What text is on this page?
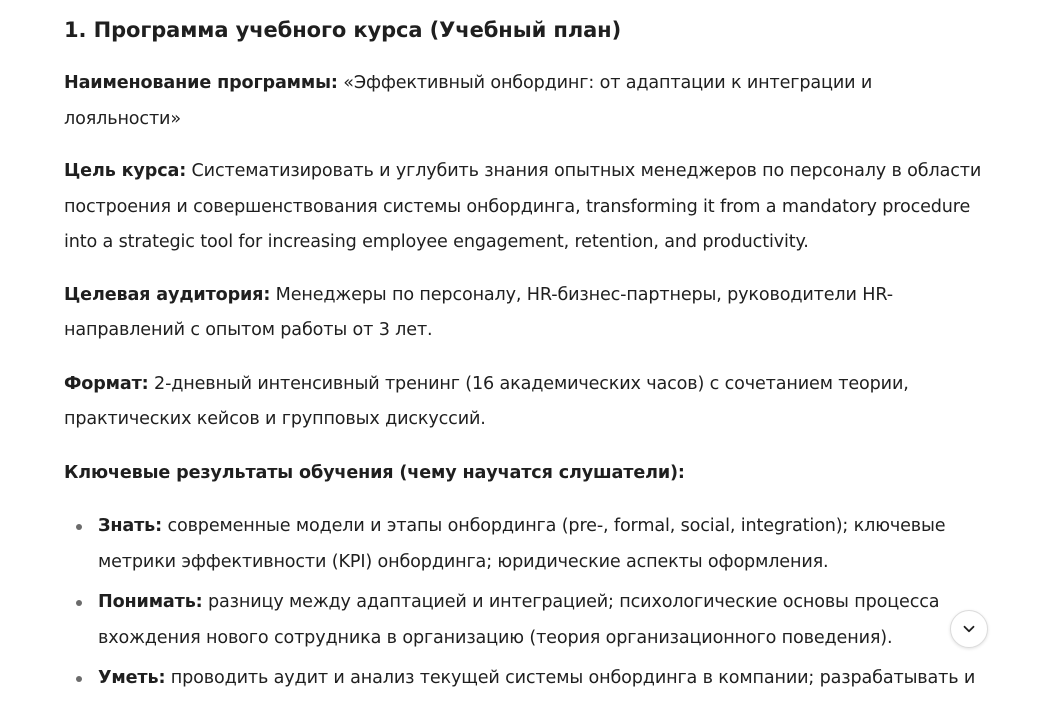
1. Программа учебного курса (Учебный план)

Наименование программы: «Эффективный онбординг: от адаптации к интеграции и лояльности»

Цель курса: Систематизировать и углубить знания опытных менеджеров по персоналу в области построения и совершенствования системы онбординга, transforming it from a mandatory procedure into a strategic tool for increasing employee engagement, retention, and productivity.

Целевая аудитория: Менеджеры по персоналу, HR-бизнес-партнеры, руководители HR-направлений с опытом работы от 3 лет.

Формат: 2-дневный интенсивный тренинг (16 академических часов) с сочетанием теории, практических кейсов и групповых дискуссий.

Ключевые результаты обучения (чему научатся слушатели):

Знать: современные модели и этапы онбординга (pre-, formal, social, integration); ключевые метрики эффективности (KPI) онбординга; юридические аспекты оформления.
Понимать: разницу между адаптацией и интеграцией; психологические основы процесса вхождения нового сотрудника в организацию (теория организационного поведения).
Уметь: проводить аудит и анализ текущей системы онбординга в компании; разрабатывать и
